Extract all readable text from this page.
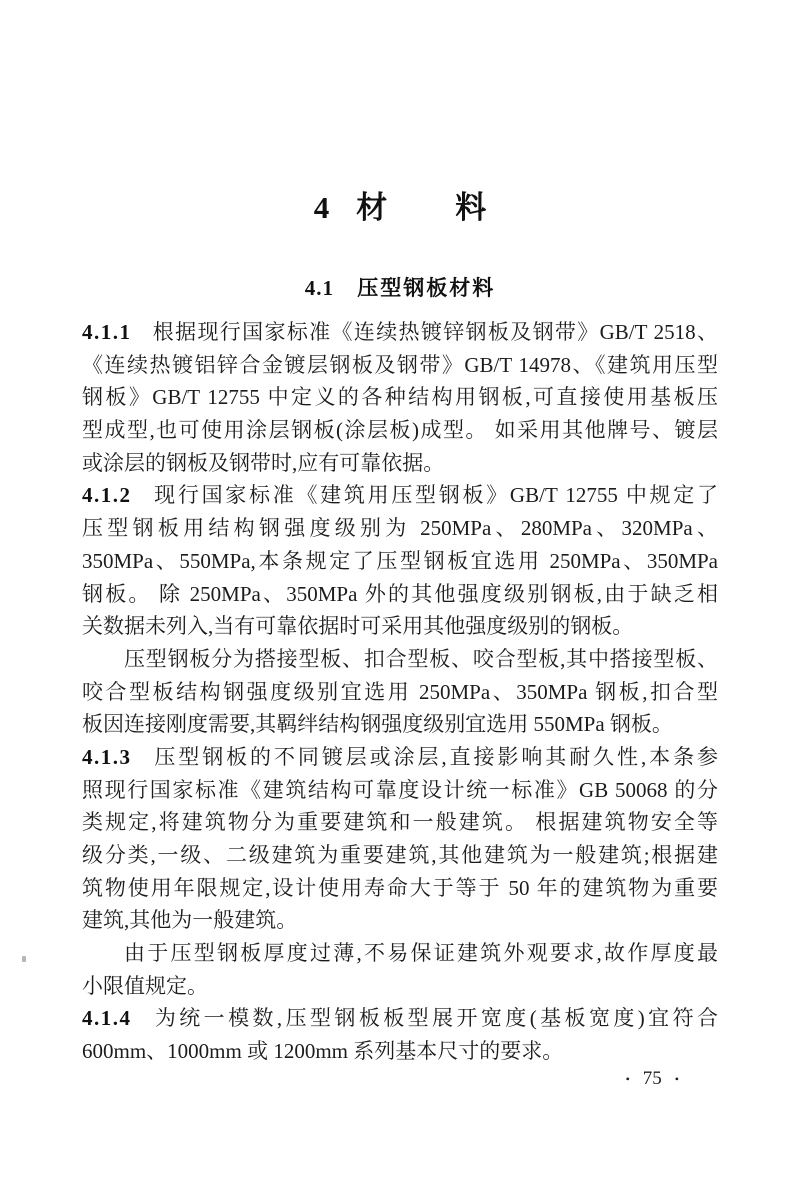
4 材 料
4.1 压型钢板材料
4.1.1 根据现行国家标准《连续热镀锌钢板及钢带》GB/T 2518、
《连续热镀铝锌合金镀层钢板及钢带》GB/T 14978、《建筑用压型
钢板》GB/T 12755 中定义的各种结构用钢板,可直接使用基板压
型成型,也可使用涂层钢板(涂层板)成型。 如采用其他牌号、镀层
或涂层的钢板及钢带时,应有可靠依据。
4.1.2 现行国家标准《建筑用压型钢板》GB/T 12755 中规定了
压型钢板用结构钢强度级别为 250MPa、280MPa、320MPa、
350MPa、550MPa,本条规定了压型钢板宜选用 250MPa、350MPa
钢板。 除 250MPa、350MPa 外的其他强度级别钢板,由于缺乏相
关数据未列入,当有可靠依据时可采用其他强度级别的钢板。
压型钢板分为搭接型板、扣合型板、咬合型板,其中搭接型板、
咬合型板结构钢强度级别宜选用 250MPa、350MPa 钢板,扣合型
板因连接刚度需要,其羁绊结构钢强度级别宜选用 550MPa 钢板。
4.1.3 压型钢板的不同镀层或涂层,直接影响其耐久性,本条参
照现行国家标准《建筑结构可靠度设计统一标准》GB 50068 的分
类规定,将建筑物分为重要建筑和一般建筑。 根据建筑物安全等
级分类,一级、二级建筑为重要建筑,其他建筑为一般建筑;根据建
筑物使用年限规定,设计使用寿命大于等于 50 年的建筑物为重要
建筑,其他为一般建筑。
由于压型钢板厚度过薄,不易保证建筑外观要求,故作厚度最
小限值规定。
4.1.4 为统一模数,压型钢板板型展开宽度(基板宽度)宜符合
600mm、1000mm 或 1200mm 系列基本尺寸的要求。
• 75	•
